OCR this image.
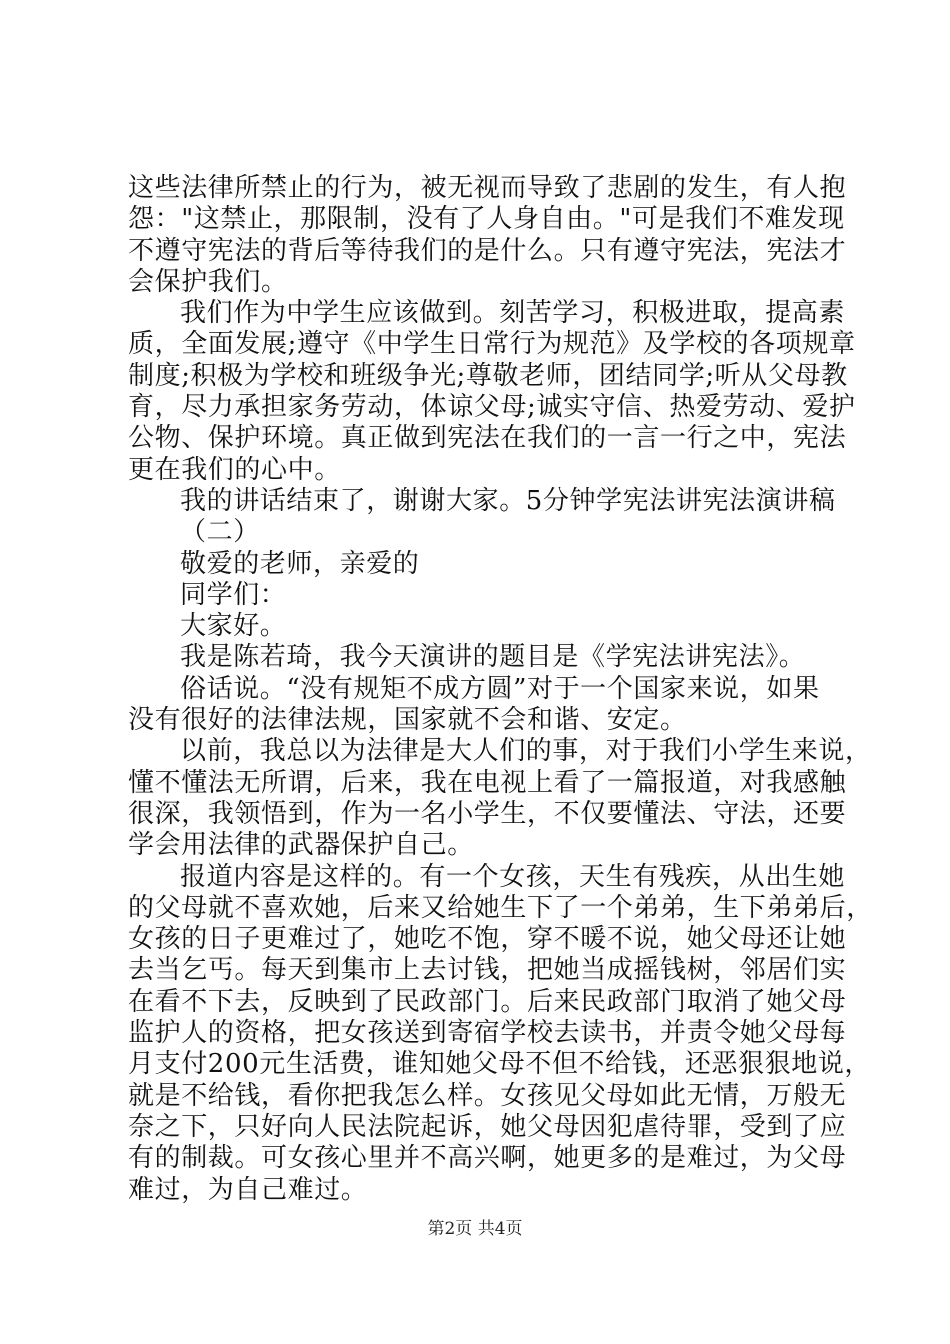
这些法律所禁止的行为，被无视而导致了悲剧的发生，有人抱
怨："这禁止，那限制，没有了人身自由。"可是我们不难发现
不遵守宪法的背后等待我们的是什么。只有遵守宪法，宪法才
会保护我们。
我们作为中学生应该做到。刻苦学习，积极进取，提高素
质，全面发展;遵守《中学生日常行为规范》及学校的各项规章
制度;积极为学校和班级争光;尊敬老师，团结同学;听从父母教
育，尽力承担家务劳动，体谅父母;诚实守信、热爱劳动、爱护
公物、保护环境。真正做到宪法在我们的一言一行之中，宪法
更在我们的心中。
我的讲话结束了，谢谢大家。5分钟学宪法讲宪法演讲稿
（二）
敬爱的老师，亲爱的
同学们：
大家好。
我是陈若琦，我今天演讲的题目是《学宪法讲宪法》。
俗话说。“没有规矩不成方圆”对于一个国家来说，如果
没有很好的法律法规，国家就不会和谐、安定。
以前，我总以为法律是大人们的事，对于我们小学生来说，
懂不懂法无所谓，后来，我在电视上看了一篇报道，对我感触
很深，我领悟到，作为一名小学生，不仅要懂法、守法，还要
学会用法律的武器保护自己。
报道内容是这样的。有一个女孩，天生有残疾，从出生她
的父母就不喜欢她，后来又给她生下了一个弟弟，生下弟弟后，
女孩的日子更难过了，她吃不饱，穿不暖不说，她父母还让她
去当乞丐。每天到集市上去讨钱，把她当成摇钱树，邻居们实
在看不下去，反映到了民政部门。后来民政部门取消了她父母
监护人的资格，把女孩送到寄宿学校去读书，并责令她父母每
月支付200元生活费，谁知她父母不但不给钱，还恶狠狠地说，
就是不给钱，看你把我怎么样。女孩见父母如此无情，万般无
奈之下，只好向人民法院起诉，她父母因犯虐待罪，受到了应
有的制裁。可女孩心里并不高兴啊，她更多的是难过，为父母
难过，为自己难过。
第2页 共4页
